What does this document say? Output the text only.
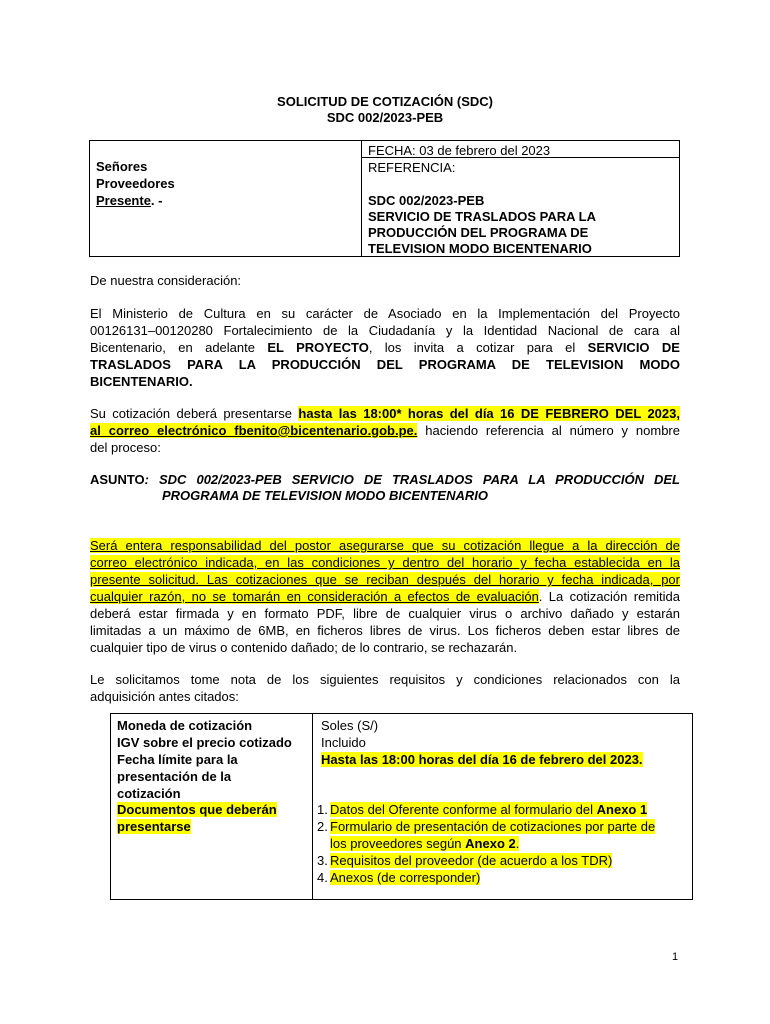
SOLICITUD DE COTIZACIÓN (SDC)
SDC 002/2023-PEB
Señores
Proveedores
Presente. -
FECHA: 03 de febrero del 2023
REFERENCIA:
SDC 002/2023-PEB
SERVICIO DE TRASLADOS PARA LA
PRODUCCIÓN DEL PROGRAMA DE
TELEVISION MODO BICENTENARIO
De nuestra consideración:
El Ministerio de Cultura en su carácter de Asociado en la Implementación del Proyecto
00126131–00120280 Fortalecimiento de la Ciudadanía y la Identidad Nacional de cara al
Bicentenario, en adelante EL PROYECTO, los invita a cotizar para el SERVICIO DE
TRASLADOS PARA LA PRODUCCIÓN DEL PROGRAMA DE TELEVISION MODO
BICENTENARIO.
Su cotización deberá presentarse hasta las 18:00* horas del día 16 DE FEBRERO DEL 2023,
al correo electrónico fbenito@bicentenario.gob.pe. haciendo referencia al número y nombre
del proceso:
ASUNTO: SDC 002/2023-PEB SERVICIO DE TRASLADOS PARA LA PRODUCCIÓN DEL
PROGRAMA DE TELEVISION MODO BICENTENARIO
Será entera responsabilidad del postor asegurarse que su cotización llegue a la dirección de
correo electrónico indicada, en las condiciones y dentro del horario y fecha establecida en la
presente solicitud. Las cotizaciones que se reciban después del horario y fecha indicada, por
cualquier razón, no se tomarán en consideración a efectos de evaluación. La cotización remitida
deberá estar firmada y en formato PDF, libre de cualquier virus o archivo dañado y estarán
limitadas a un máximo de 6MB, en ficheros libres de virus. Los ficheros deben estar libres de
cualquier tipo de virus o contenido dañado; de lo contrario, se rechazarán.
Le solicitamos tome nota de los siguientes requisitos y condiciones relacionados con la
adquisición antes citados:
Moneda de cotización	Soles (S/)
IGV sobre el precio cotizado Incluido
Fecha límite para la
presentación de la
cotización
Hasta las 18:00 horas del día 16 de febrero del 2023.
Documentos que deberán
presentarse
1. Datos del Oferente conforme al formulario del Anexo 1
2. Formulario de presentación de cotizaciones por parte de
los proveedores según Anexo 2.
3. Requisitos del proveedor (de acuerdo a los TDR)
4. Anexos (de corresponder)
1
